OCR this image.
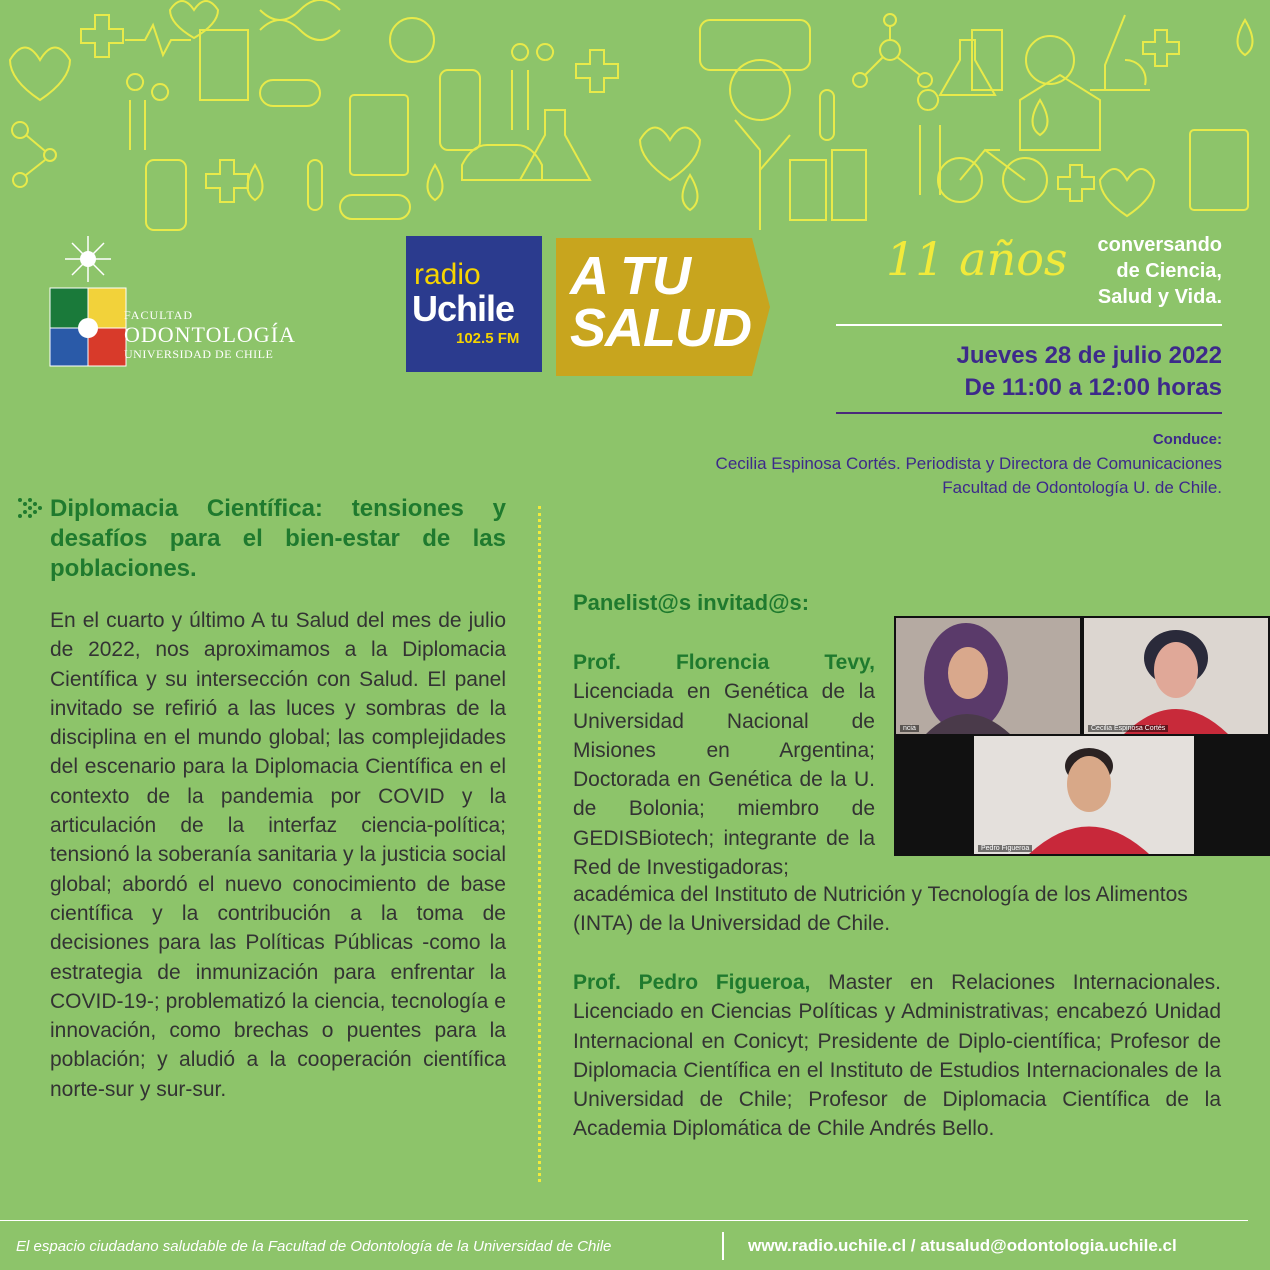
FACULTAD
ODONTOLOGÍA
UNIVERSIDAD DE CHILE
radio
Uchile
102.5 FM
A TU
SALUD
11 años	conversando
de Ciencia,
Salud y Vida.
Jueves 28 de julio 2022
De 11:00 a 12:00 horas
Conduce:
Cecilia Espinosa Cortés. Periodista y Directora de Comunicaciones
Facultad de Odontología U. de Chile.
Diplomacia Científica: tensiones y desafíos para el bien-estar de las poblaciones.
En el cuarto y último A tu Salud del mes de julio de 2022, nos aproximamos a la Diplomacia Científica y su intersección con Salud. El panel invitado se refirió a las luces y sombras de la disciplina en el mundo global; las complejidades del escenario para la Diplomacia Científica en el contexto de la pandemia por COVID y la articulación de la interfaz ciencia-política; tensionó la soberanía sanitaria y la justicia social global; abordó el nuevo conocimiento de base científica y la contribución a la toma de decisiones para las Políticas Públicas -como la estrategia de inmunización para enfrentar la COVID-19-; problematizó la ciencia, tecnología e innovación, como brechas o puentes para la población; y aludió a la cooperación científica norte-sur y sur-sur.
Panelist@s invitad@s:
Prof. Florencia Tevy, Licenciada en Genética de la Universidad Nacional de Misiones en Argentina; Doctorada en Genética de la U. de Bolonia; miembro de GEDISBiotech; integrante de la Red de Investigadoras;
académica del Instituto de Nutrición y Tecnología de los Alimentos (INTA) de la Universidad de Chile.
Prof. Pedro Figueroa, Master en Relaciones Internacionales. Licenciado en Ciencias Políticas y Administrativas; encabezó Unidad Internacional en Conicyt; Presidente de Diplo-científica; Profesor de Diplomacia Científica en el Instituto de Estudios Internacionales de la Universidad de Chile; Profesor de Diplomacia Científica de la Academia Diplomática de Chile Andrés Bello.
ncia	Cecilia Espinosa Cortés
Pedro Figueroa
El espacio ciudadano saludable de la Facultad de Odontología de la Universidad de Chile	www.radio.uchile.cl / atusalud@odontologia.uchile.cl
